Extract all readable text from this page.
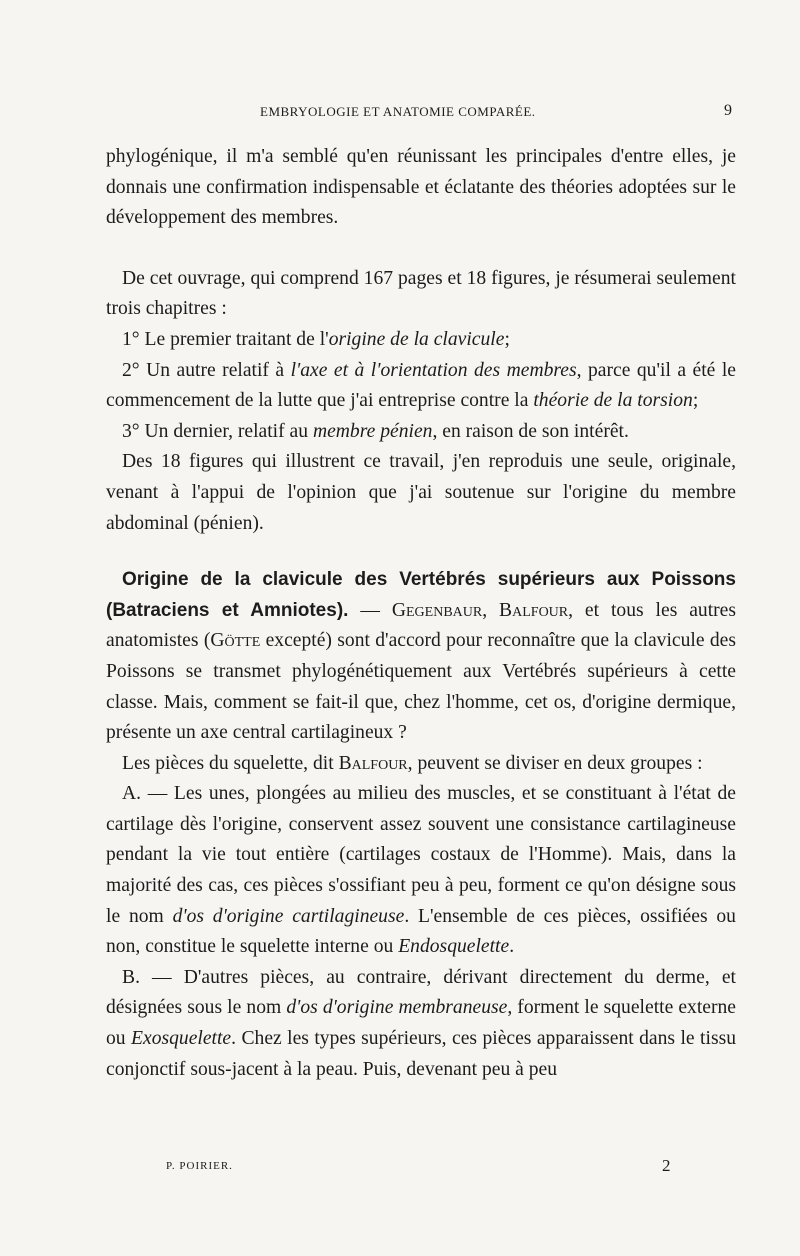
EMBRYOLOGIE ET ANATOMIE COMPARÉE.	9

phylogénique, il m'a semblé qu'en réunissant les principales d'entre elles, je donnais une confirmation indispensable et éclatante des théories adoptées sur le développement des membres.

De cet ouvrage, qui comprend 167 pages et 18 figures, je résumerai seulement trois chapitres :

1° Le premier traitant de l'origine de la clavicule;

2° Un autre relatif à l'axe et à l'orientation des membres, parce qu'il a été le commencement de la lutte que j'ai entreprise contre la théorie de la torsion;

3° Un dernier, relatif au membre pénien, en raison de son intérêt.

Des 18 figures qui illustrent ce travail, j'en reproduis une seule, originale, venant à l'appui de l'opinion que j'ai soutenue sur l'origine du membre abdominal (pénien).

Origine de la clavicule des Vertébrés supérieurs aux Poissons (Batraciens et Amniotes). — Gegenbaur, Balfour, et tous les autres anatomistes (Götte excepté) sont d'accord pour reconnaître que la clavicule des Poissons se transmet phylogénétiquement aux Vertébrés supérieurs à cette classe. Mais, comment se fait-il que, chez l'homme, cet os, d'origine dermique, présente un axe central cartilagineux ?

Les pièces du squelette, dit Balfour, peuvent se diviser en deux groupes :

A. — Les unes, plongées au milieu des muscles, et se constituant à l'état de cartilage dès l'origine, conservent assez souvent une consistance cartilagineuse pendant la vie tout entière (cartilages costaux de l'Homme). Mais, dans la majorité des cas, ces pièces s'ossifiant peu à peu, forment ce qu'on désigne sous le nom d'os d'origine cartilagineuse. L'ensemble de ces pièces, ossifiées ou non, constitue le squelette interne ou Endosquelette.

B. — D'autres pièces, au contraire, dérivant directement du derme, et désignées sous le nom d'os d'origine membraneuse, forment le squelette externe ou Exosquelette. Chez les types supérieurs, ces pièces apparaissent dans le tissu conjonctif sous-jacent à la peau. Puis, devenant peu à peu

P. POIRIER.	2
